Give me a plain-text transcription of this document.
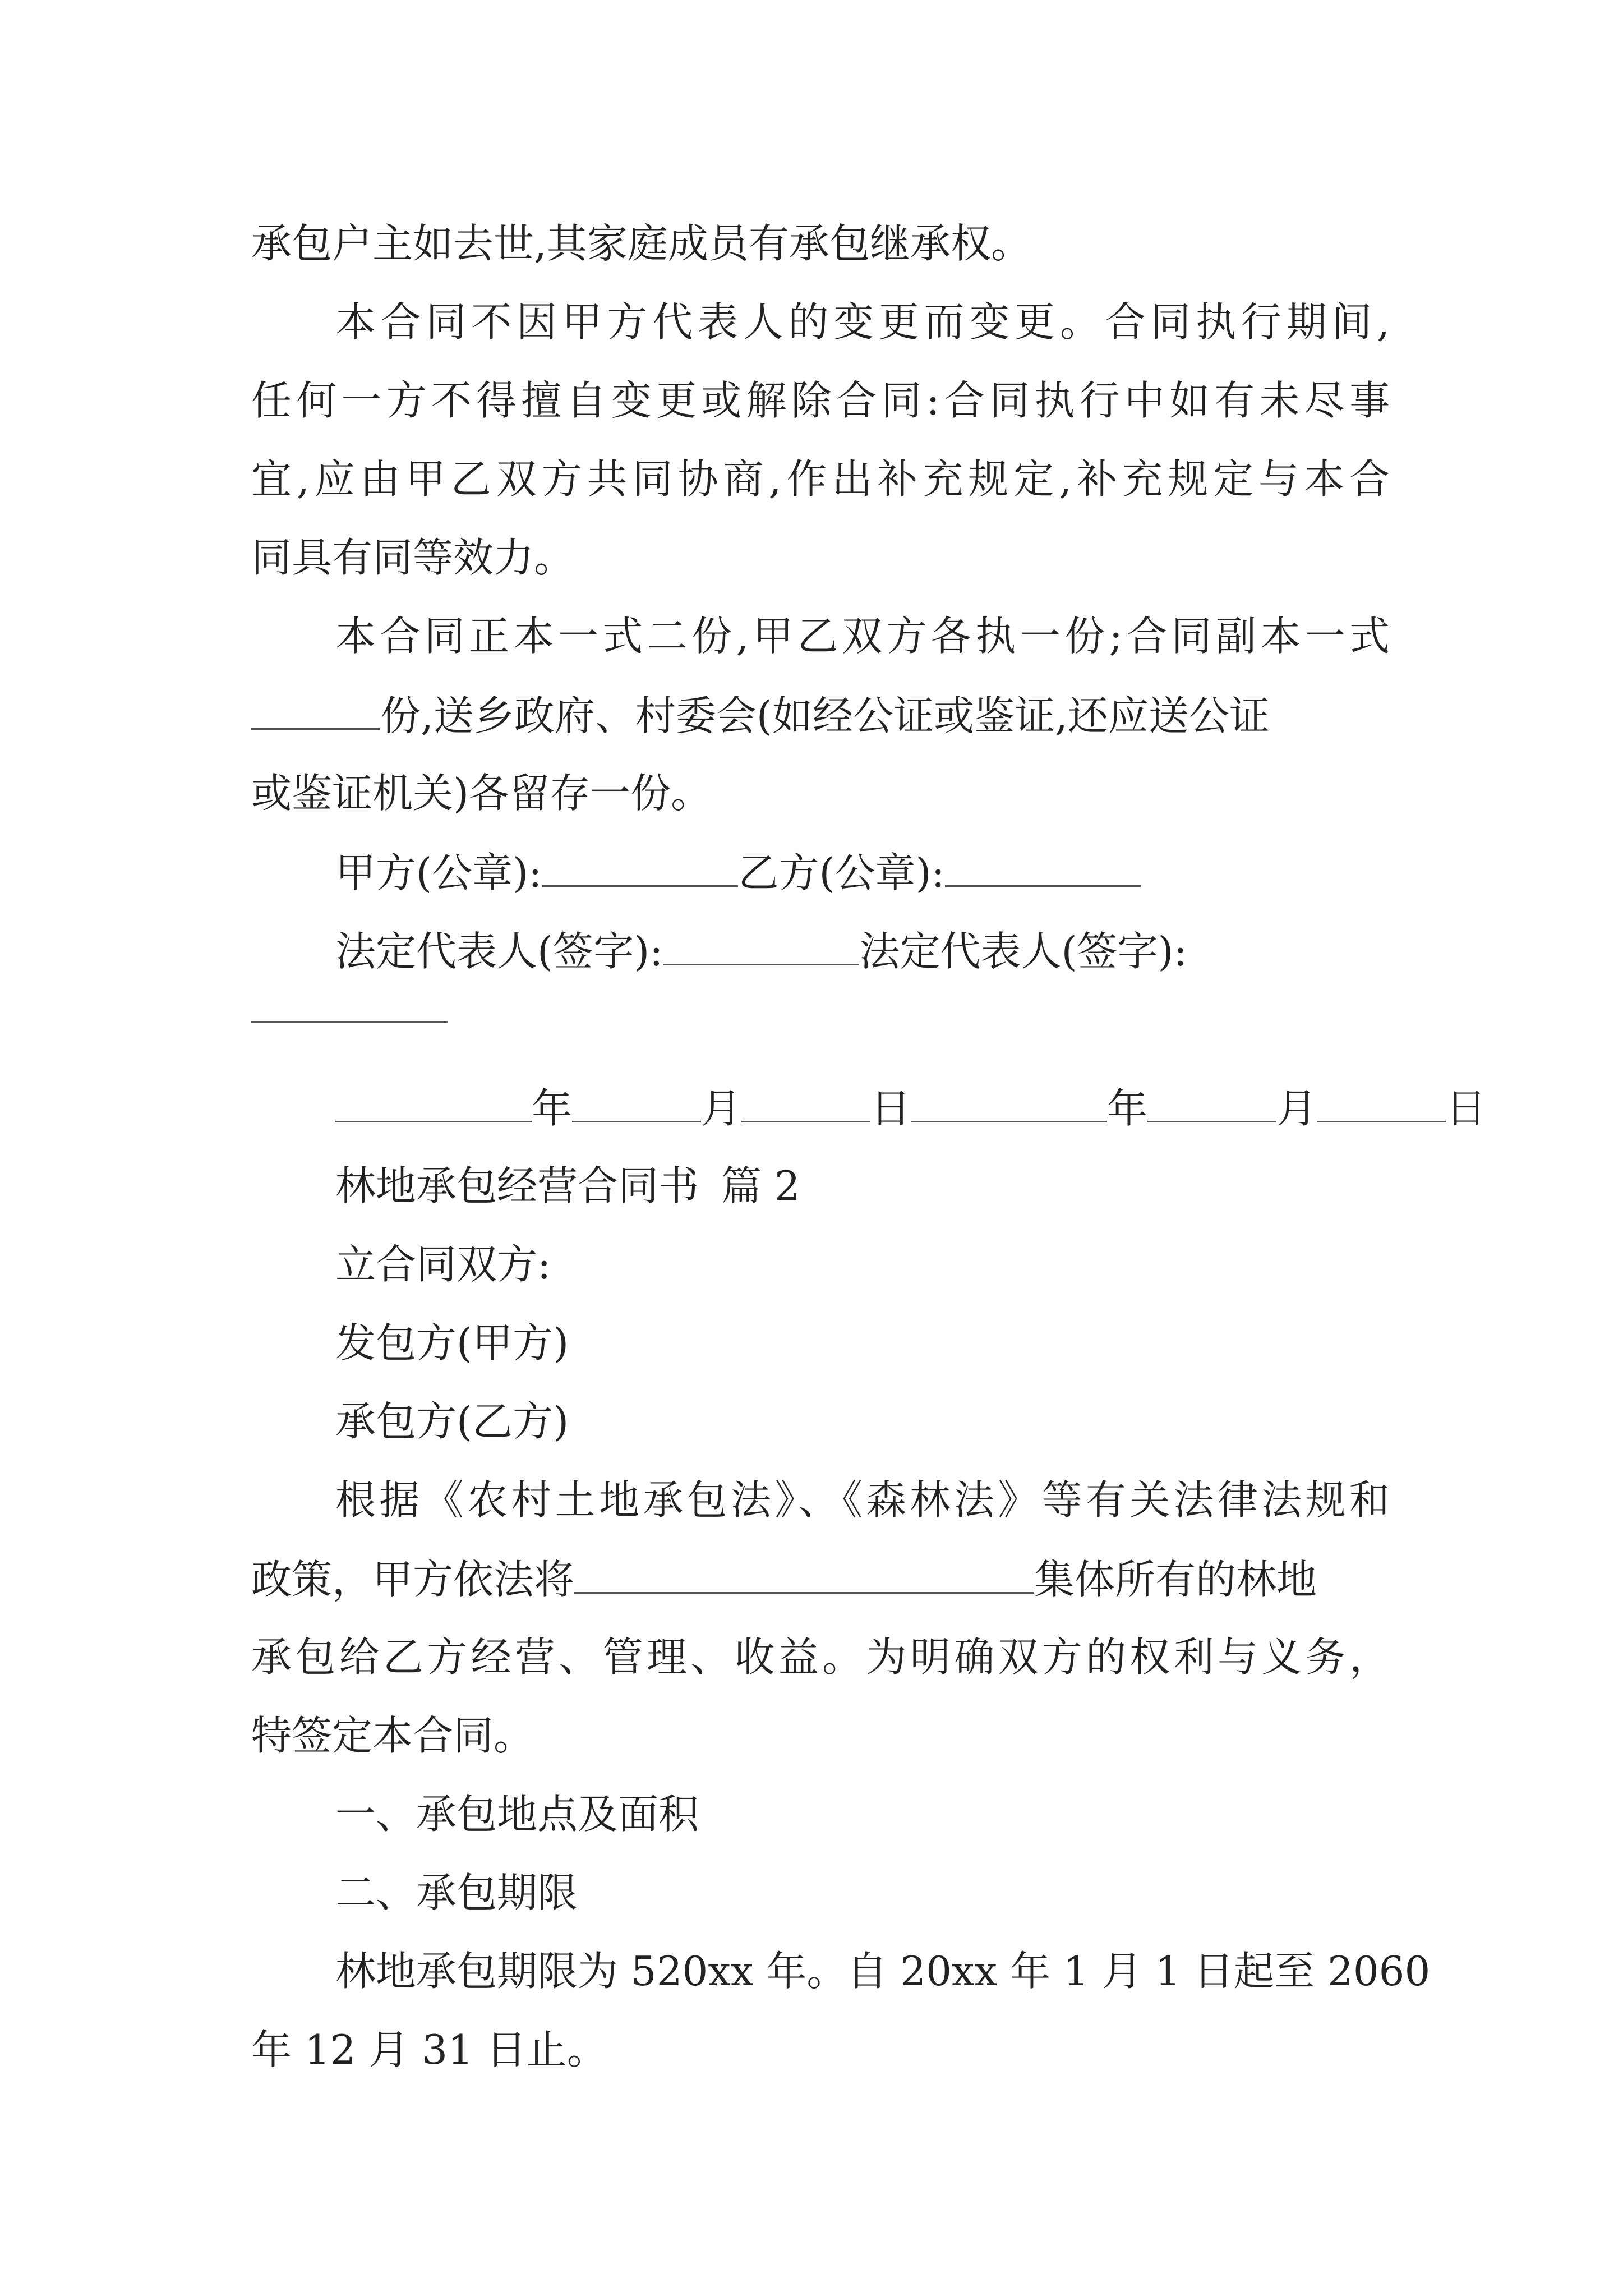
承包户主如去世,其家庭成员有承包继承权。
本合同不因甲方代表人的变更而变更。合同执行期间,
任何一方不得擅自变更或解除合同:合同执行中如有未尽事
宜,应由甲乙双方共同协商,作出补充规定,补充规定与本合
同具有同等效力。
本合同正本一式二份,甲乙双方各执一份;合同副本一式
份,送乡政府、村委会(如经公证或鉴证,还应送公证
或鉴证机关)各留存一份。
甲方(公章):	乙方(公章):
法定代表人(签字):	法定代表人(签字):
年	月	日	年	月	日
林地承包经营合同书 篇 2
立合同双方:
发包方(甲方)
承包方(乙方)
根据《农村土地承包法》、《森林法》等有关法律法规和
政策，甲方依法将	集体所有的林地
承包给乙方经营、管理、收益。为明确双方的权利与义务，
特签定本合同。
一、承包地点及面积
二、承包期限
林地承包期限为 520xx 年。自 20xx 年 1 月 1 日起至 2060
年 12 月 31 日止。
